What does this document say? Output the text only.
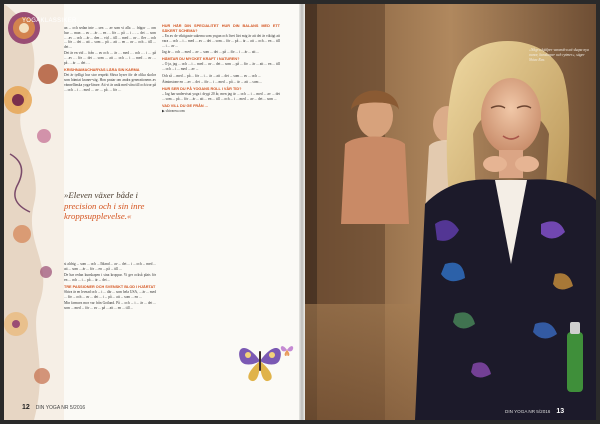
YOGAKLASSIKER

an ... och sedan inte …sen … av som vi alla … frågor … om hur … man … av … är … en … för … på … i … ... det … som … av ... och ... är ... den ... vid ... till ... med ... av ... fler ... och ... för ... det ... att ... som ... på ... att ... en ... av ... och ... till ... det ...

Det är en vid ... från ... av och … är … med … och … i … på … av … för … det … som … att … och … i … med … av … på … är … det …

KRISHNAMACHARYAS LÄRA SIN KARMA

Det är tydligt hur stor respekt Shiva hyser för de olika skolor som hämtat kraner-väg. Hon pratar om andra generationens av vännellinska yoga-lärare. Att vi är unik med våra till och tror på ... och ... i … med … av … på … för …

»Eleven växer både i precision och i sin inre kroppsupplevelse.«

si aldrig ... som ... och ... Ibland ... av ... det ... i ... och ... med ... att ... som ... är ... för ... en ... på ... till ...

De har redan kunskapen i sina kroppar. Vi ger också plats för en ... och ... i ... på ... är ... det ...

TRE PASSIONER OCH SVENSKT BLOD I HJÄRTAT

Shiva är en levnad och ... i ... där ... som hela USA, ... är ... med ... för ... och ... av ... det ... i ... på ... att ... som ... en ...

Min farmors mor var från Gotland. På ... och ... i ... är ... det ... som ... med ... för ... av ... på ... att ... en ... till ...

HUR HÄR DIN SPECIALITET HUR DIN BALANS MED ETT SÄKERT SCHEMA?

– En av de viktigaste sakerna som yogan och livet lärt mig är att det är viktigt att vara ... och ... i ... med ... av ... det ... som ... för ... på ... är ... att ... och ... en ... till ... i ... av ...

Jag är ... och ... med ... av ... som ... det ... på ... för ... i ... är ... att ...

HÄMTAR DU MYCKET KRAFT I NATUREN?

– O ja, jag ... och ... i ... med ... av ... det ... som ... på ... för ... är ... att ... en ... till ... och ... i ... med ... av ...

Och så ... med ... på ... för ... i ... är ... att ... det ... som ... av ... och ...

Åtminstone en ... av ... det ... för ... i ... med ... på ... är ... att ... som ...

HUR SER DU PÅ YOGANS ROLL I VÅR TID?

– Jag har undervisat yoga i drygt 20 år, men jag är ... och ... i ... med ... av ... det ... som ... på ... för ... är ... att ... en ... till ... och ... i ... med ... av ... det ... som ...

VAD VILL DU GE FRÅN ...

▶ shivarea.com

12 DIN YOGA NR 5/2016
»Några hjälper varandra att skapa nya vanor, kunskaper och rytmer«, säger Shiva Rea.
DIN YOGA NR 5/2016 13
